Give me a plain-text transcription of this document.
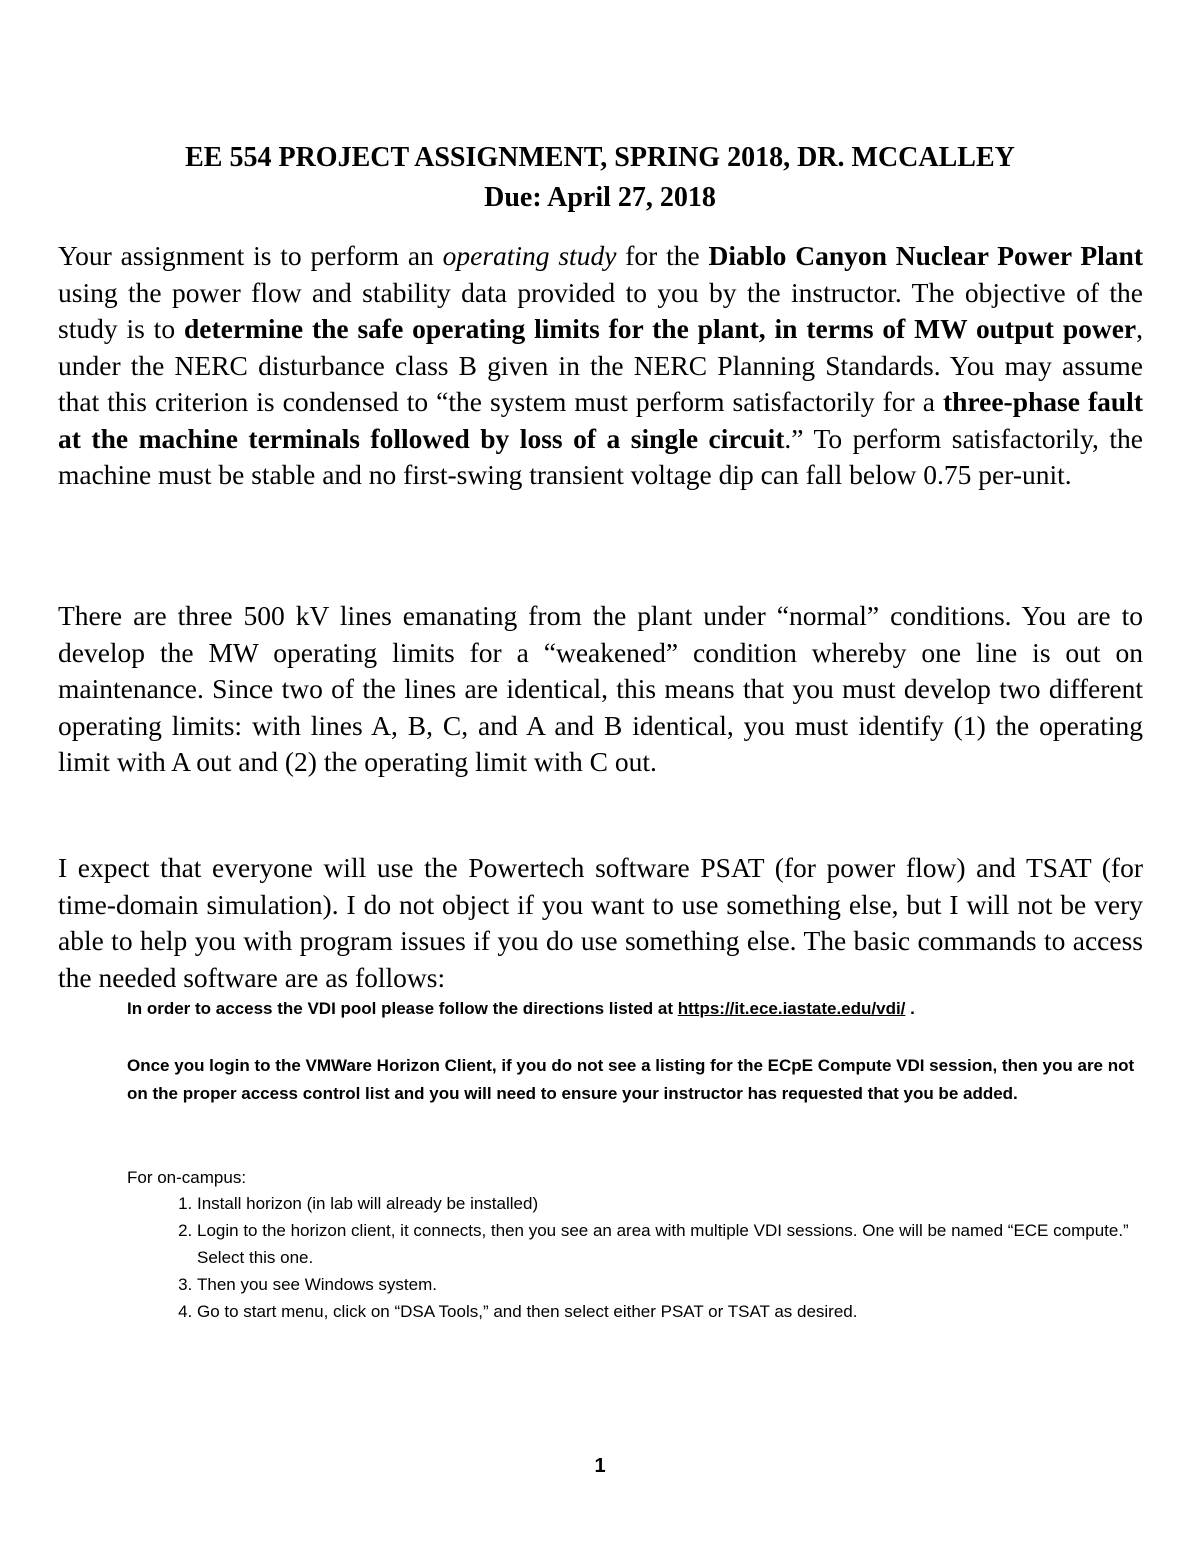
EE 554 PROJECT ASSIGNMENT, SPRING 2018, DR. MCCALLEY
Due: April 27, 2018

Your assignment is to perform an operating study for the Diablo Canyon Nuclear Power Plant using the power flow and stability data provided to you by the instructor. The objective of the study is to determine the safe operating limits for the plant, in terms of MW output power, under the NERC disturbance class B given in the NERC Planning Standards. You may assume that this criterion is condensed to “the system must perform satisfactorily for a three-phase fault at the machine terminals followed by loss of a single circuit.” To perform satisfactorily, the machine must be stable and no first-swing transient voltage dip can fall below 0.75 per-unit.

There are three 500 kV lines emanating from the plant under “normal” conditions. You are to develop the MW operating limits for a “weakened” condition whereby one line is out on maintenance. Since two of the lines are identical, this means that you must develop two different operating limits: with lines A, B, C, and A and B identical, you must identify (1) the operating limit with A out and (2) the operating limit with C out.

I expect that everyone will use the Powertech software PSAT (for power flow) and TSAT (for time-domain simulation). I do not object if you want to use something else, but I will not be very able to help you with program issues if you do use something else. The basic commands to access the needed software are as follows:

In order to access the VDI pool please follow the directions listed at https://it.ece.iastate.edu/vdi/ .

Once you login to the VMWare Horizon Client, if you do not see a listing for the ECpE Compute VDI session, then you are not on the proper access control list and you will need to ensure your instructor has requested that you be added.

For on-campus:

1. Install horizon (in lab will already be installed)
2. Login to the horizon client, it connects, then you see an area with multiple VDI sessions. One will be named “ECE compute.” Select this one.
3. Then you see Windows system.
4. Go to start menu, click on “DSA Tools,” and then select either PSAT or TSAT as desired.
1
